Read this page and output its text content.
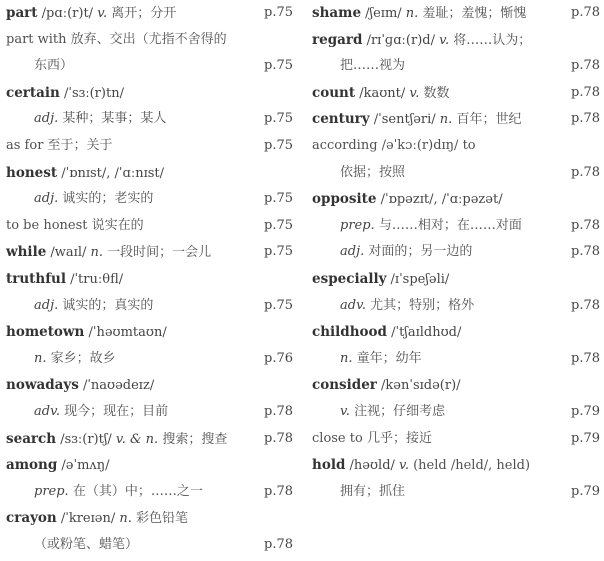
part /pɑː(r)t/ v. 离开；分开	p.75
part with 放弃、交出（尤指不舍得的
东西）	p.75
certain /ˈsɜː(r)tn/
adj. 某种；某事；某人	p.75
as for 至于；关于	p.75
honest /ˈɒnɪst/, /ˈɑːnɪst/
adj. 诚实的；老实的	p.75
to be honest 说实在的	p.75
while /waɪl/ n. 一段时间；一会儿	p.75
truthful /ˈtruːθfl/
adj. 诚实的；真实的	p.75
hometown /ˈhəʊmtaʊn/
n. 家乡；故乡	p.76
nowadays /ˈnaʊədeɪz/
adv. 现今；现在；目前	p.78
search /sɜː(r)tʃ/ v. & n. 搜索；搜查	p.78
among /əˈmʌŋ/
prep. 在（其）中；……之一	p.78
crayon /ˈkreɪən/ n. 彩色铅笔
（或粉笔、蜡笔）	p.78
shame /ʃeɪm/ n. 羞耻；羞愧；惭愧	p.78
regard /rɪˈɡɑː(r)d/ v. 将……认为；
把……视为	p.78
count /kaʊnt/ v. 数数	p.78
century /ˈsentʃəri/ n. 百年；世纪	p.78
according /əˈkɔː(r)dɪŋ/ to
依据；按照	p.78
opposite /ˈɒpəzɪt/, /ˈɑːpəzət/
prep. 与……相对；在……对面	p.78
adj. 对面的；另一边的	p.78
especially /ɪˈspeʃəli/
adv. 尤其；特别；格外	p.78
childhood /ˈtʃaɪldhʊd/
n. 童年；幼年	p.78
consider /kənˈsɪdə(r)/
v. 注视；仔细考虑	p.79
close to 几乎；接近	p.79
hold /həʊld/ v. (held /held/, held)
拥有；抓住	p.79
